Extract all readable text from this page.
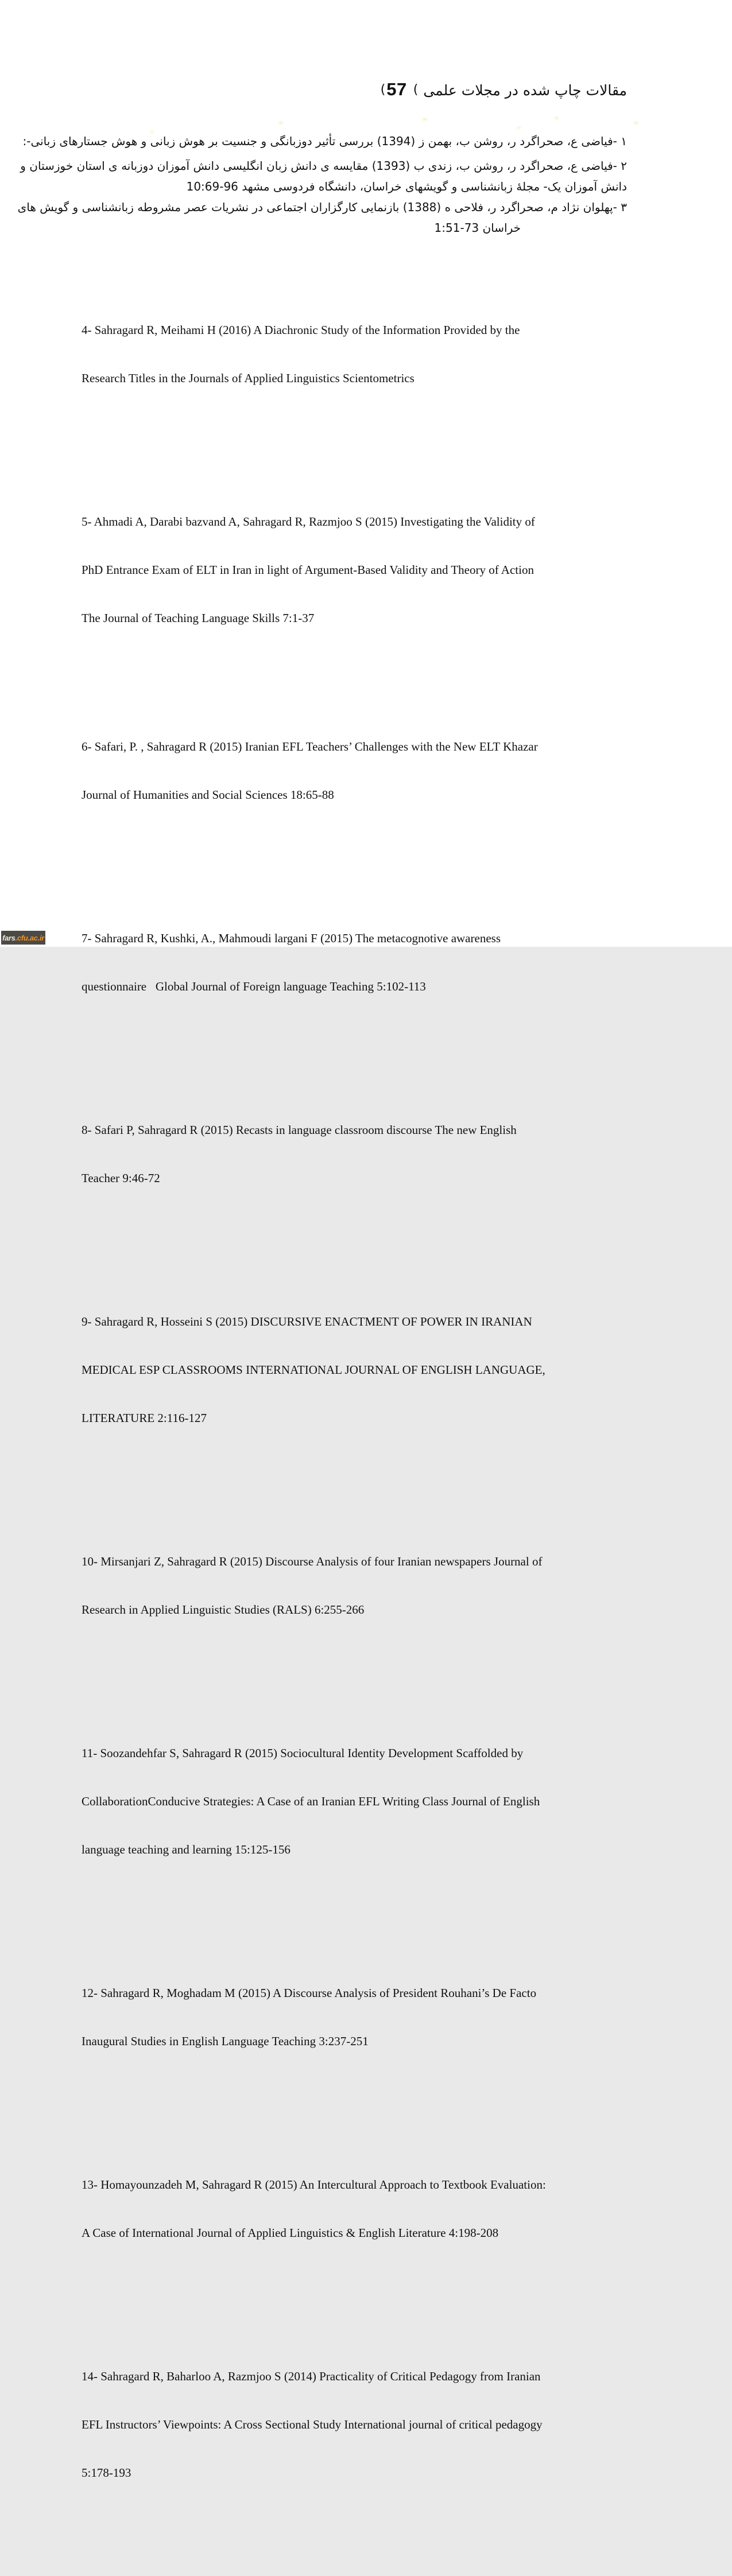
( 57 ( مقالات چاپ شده در مجلات علمی
۱ -فیاضی ع، صحراگرد ر، روشن ب، بهمن ز (1394) بررسی تأثیر دوزبانگی و جنسیت بر هوش زبانی و هوش جستارهای زبانی-:
۲ -فیاضی ع، صحراگرد ر، روشن ب، زندی ب (1393) مقایسه ی دانش زبان انگلیسی دانش آموزان دوزبانه ی استان خوزستان و
دانش آموزان یک- مجلۀ زبانشناسی و گویشهای خراسان، دانشگاه فردوسی مشهد 96-10:69
۳ -پهلوان نژاد م، صحراگرد ر، فلاحی ه (1388) بازنمایی کارگزاران اجتماعی در نشریات عصر مشروطه زبانشناسی و گویش های
خراسان 73-1:51

4- Sahragard R, Meihami H (2016) A Diachronic Study of the Information Provided by the

Research Titles in the Journals of Applied Linguistics Scientometrics

5- Ahmadi A, Darabi bazvand A, Sahragard R, Razmjoo S (2015) Investigating the Validity of

PhD Entrance Exam of ELT in Iran in light of Argument-Based Validity and Theory of Action

The Journal of Teaching Language Skills 7:1-37

6- Safari, P. , Sahragard R (2015) Iranian EFL Teachers’ Challenges with the New ELT Khazar

Journal of Humanities and Social Sciences 18:65-88

7- Sahragard R, Kushki, A., Mahmoudi largani F (2015) The metacognotive awareness

questionnaire   Global Journal of Foreign language Teaching 5:102-113

8- Safari P, Sahragard R (2015) Recasts in language classroom discourse The new English

Teacher 9:46-72

9- Sahragard R, Hosseini S (2015) DISCURSIVE ENACTMENT OF POWER IN IRANIAN

MEDICAL ESP CLASSROOMS INTERNATIONAL JOURNAL OF ENGLISH LANGUAGE,

LITERATURE 2:116-127

10- Mirsanjari Z, Sahragard R (2015) Discourse Analysis of four Iranian newspapers Journal of

Research in Applied Linguistic Studies (RALS) 6:255-266

11- Soozandehfar S, Sahragard R (2015) Sociocultural Identity Development Scaffolded by

CollaborationConducive Strategies: A Case of an Iranian EFL Writing Class Journal of English

language teaching and learning 15:125-156

12- Sahragard R, Moghadam M (2015) A Discourse Analysis of President Rouhani’s De Facto

Inaugural Studies in English Language Teaching 3:237-251

13- Homayounzadeh M, Sahragard R (2015) An Intercultural Approach to Textbook Evaluation:

A Case of International Journal of Applied Linguistics & English Literature 4:198-208

14- Sahragard R, Baharloo A, Razmjoo S (2014) Practicality of Critical Pedagogy from Iranian

EFL Instructors’ Viewpoints: A Cross Sectional Study International journal of critical pedagogy

5:178-193

fars .cfu.ac.ir
